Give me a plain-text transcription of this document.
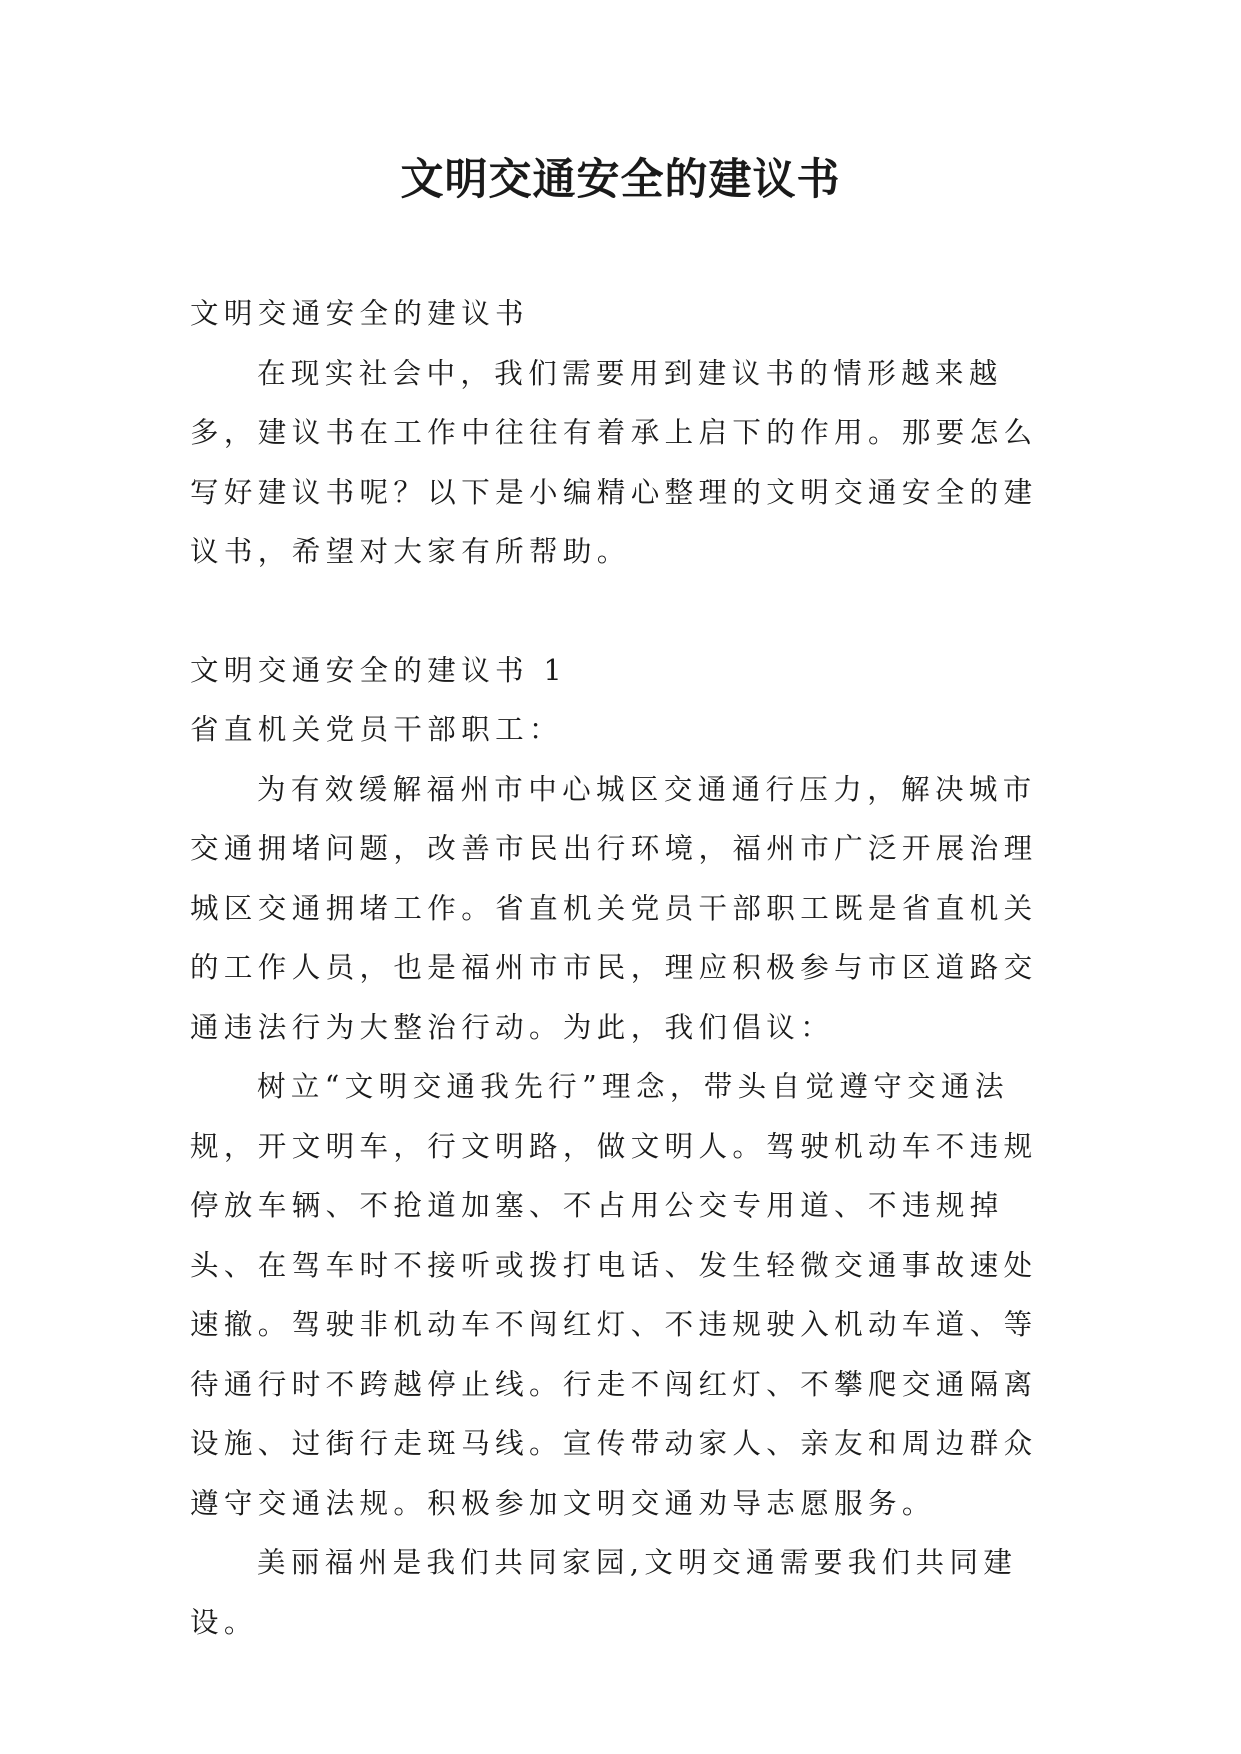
文明交通安全的建议书

文明交通安全的建议书

在现实社会中，我们需要用到建议书的情形越来越多，建议书在工作中往往有着承上启下的作用。那要怎么写好建议书呢？以下是小编精心整理的文明交通安全的建议书，希望对大家有所帮助。

文明交通安全的建议书 1

省直机关党员干部职工：

为有效缓解福州市中心城区交通通行压力，解决城市交通拥堵问题，改善市民出行环境，福州市广泛开展治理城区交通拥堵工作。省直机关党员干部职工既是省直机关的工作人员，也是福州市市民，理应积极参与市区道路交通违法行为大整治行动。为此，我们倡议：

树立“文明交通我先行”理念，带头自觉遵守交通法规，开文明车，行文明路，做文明人。驾驶机动车不违规停放车辆、不抢道加塞、不占用公交专用道、不违规掉头、在驾车时不接听或拨打电话、发生轻微交通事故速处速撤。驾驶非机动车不闯红灯、不违规驶入机动车道、等待通行时不跨越停止线。行走不闯红灯、不攀爬交通隔离设施、过街行走斑马线。宣传带动家人、亲友和周边群众遵守交通法规。积极参加文明交通劝导志愿服务。

美丽福州是我们共同家园,文明交通需要我们共同建设。
